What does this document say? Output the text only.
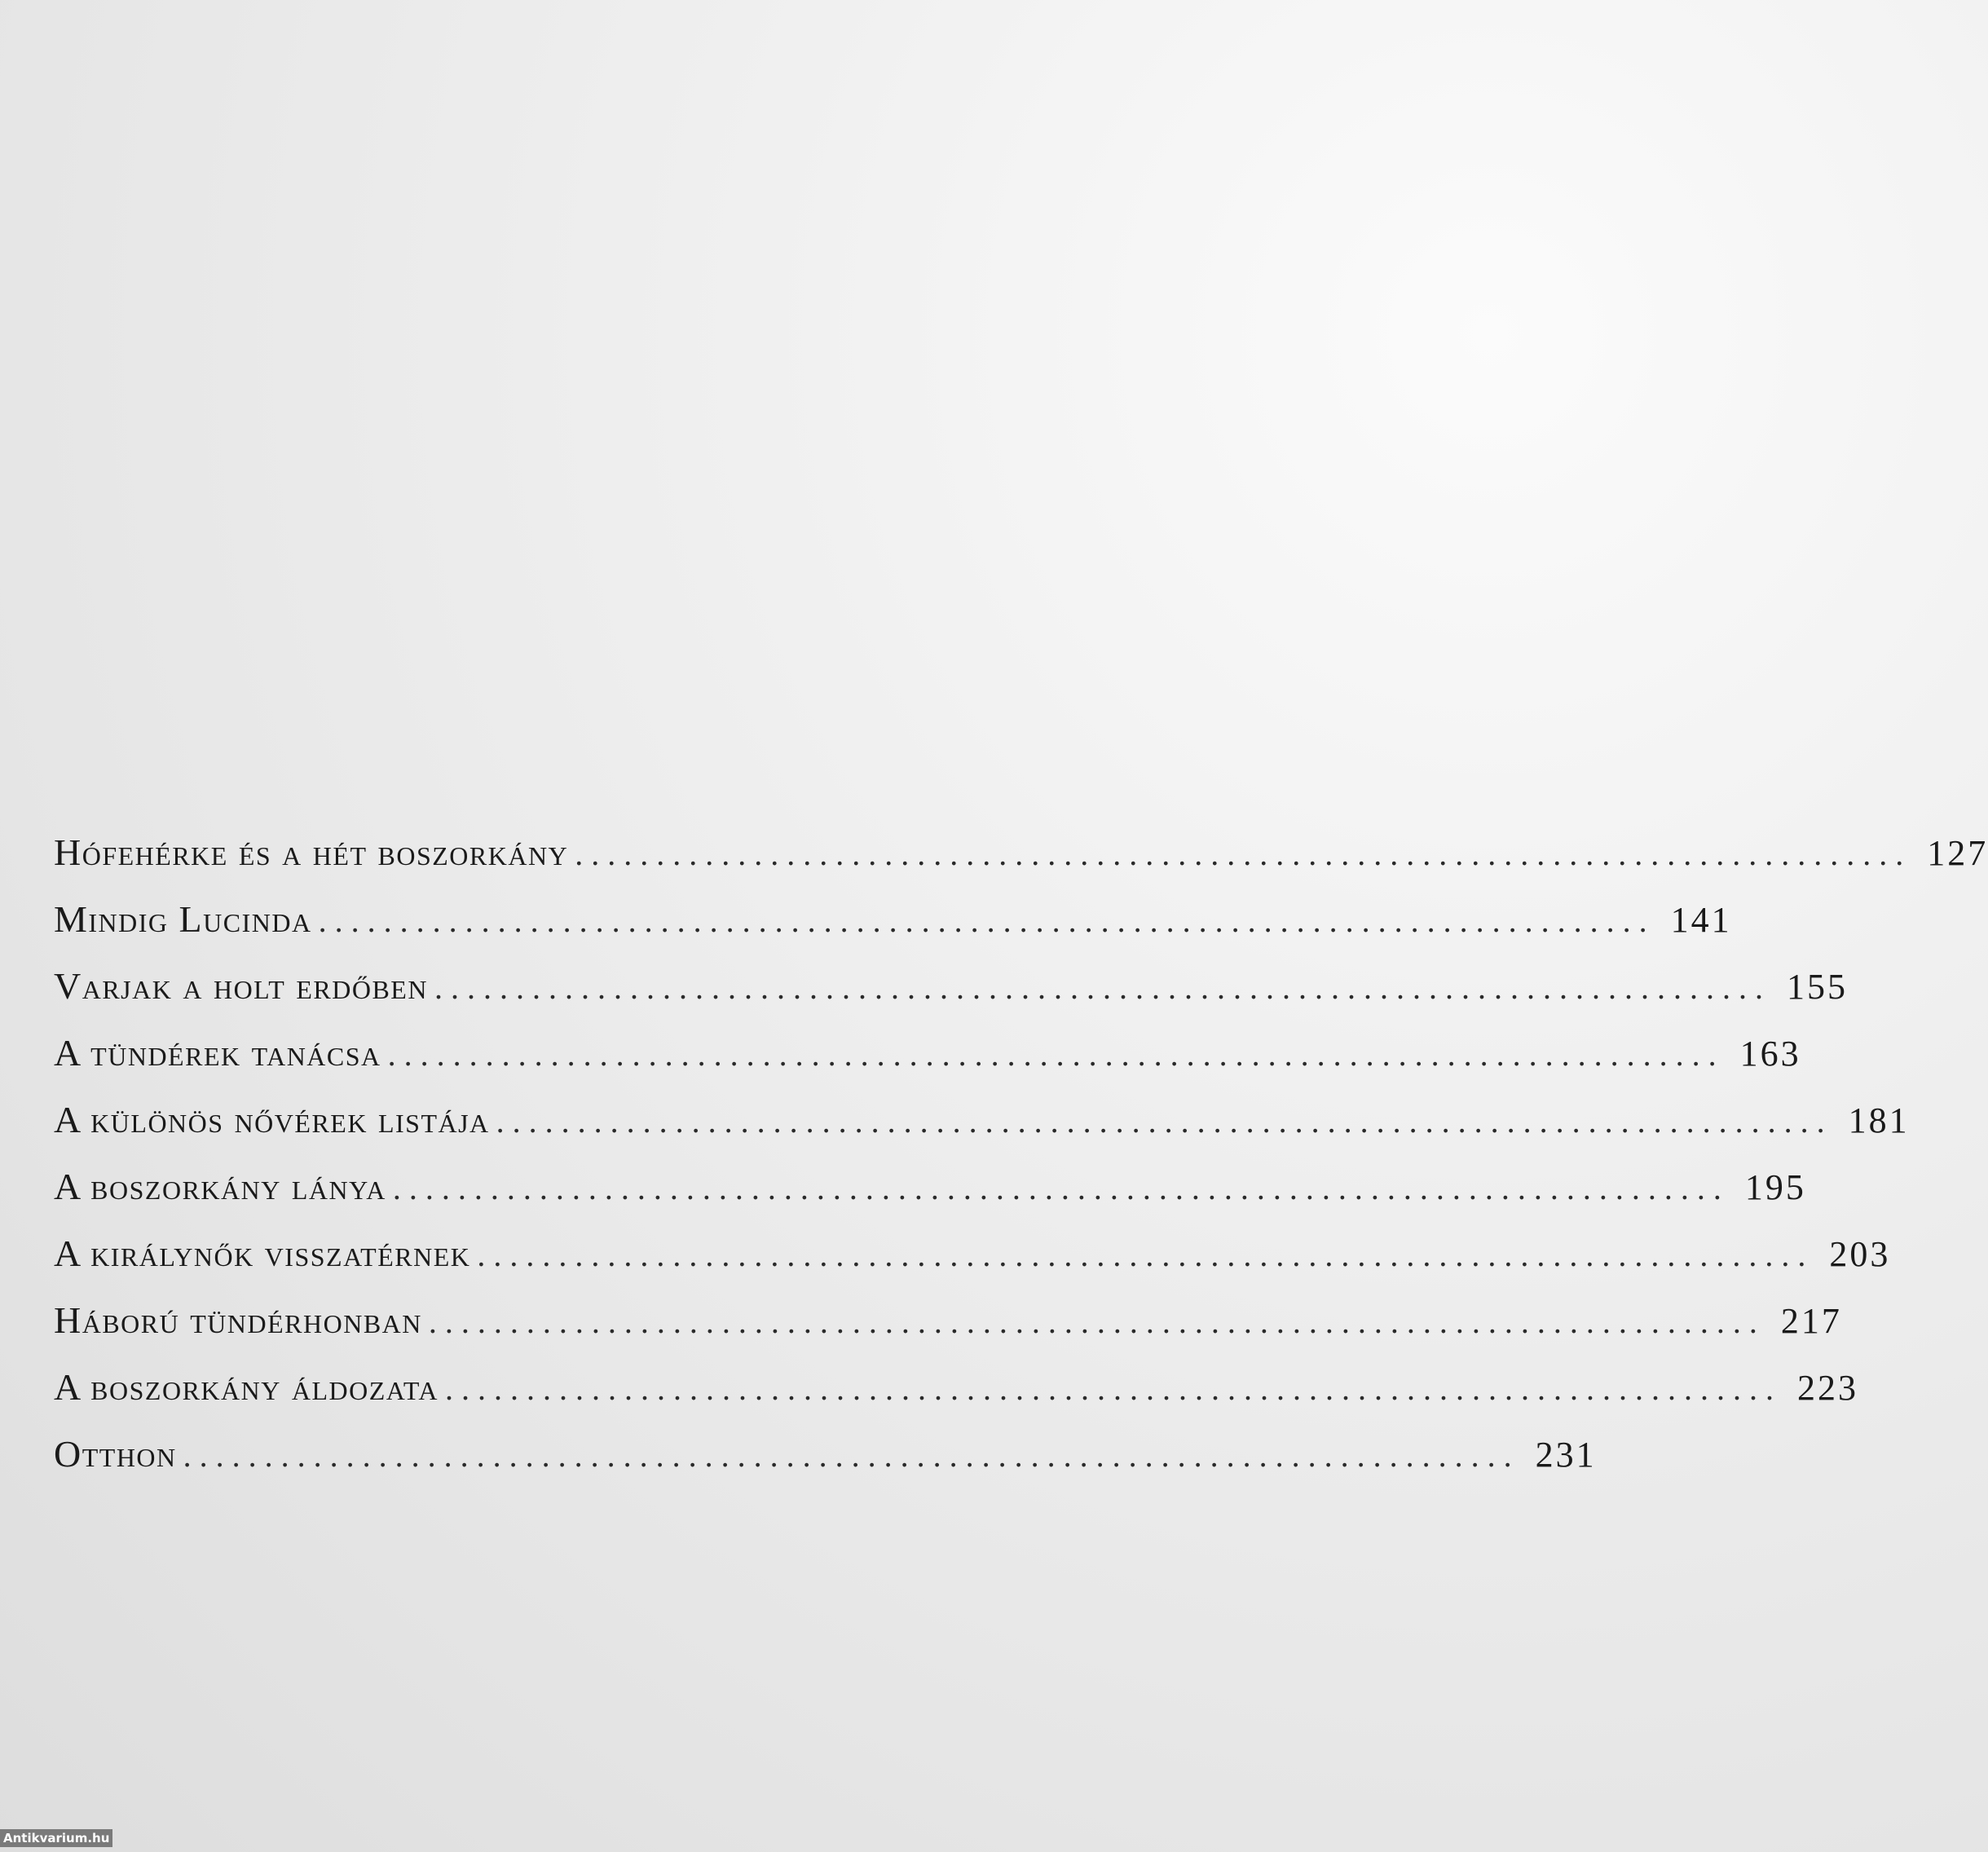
Hófehérke és a hét boszorkány .................................................................................. 127
Mindig Lucinda .................................................................................. 141
Varjak a holt erdőben .................................................................................. 155
A tündérek tanácsa .................................................................................. 163
A különös nővérek listája .................................................................................. 181
A boszorkány lánya .................................................................................. 195
A királynők visszatérnek .................................................................................. 203
Háború tündérhonban .................................................................................. 217
A boszorkány áldozata .................................................................................. 223
Otthon .................................................................................. 231
Antikvarium.hu
